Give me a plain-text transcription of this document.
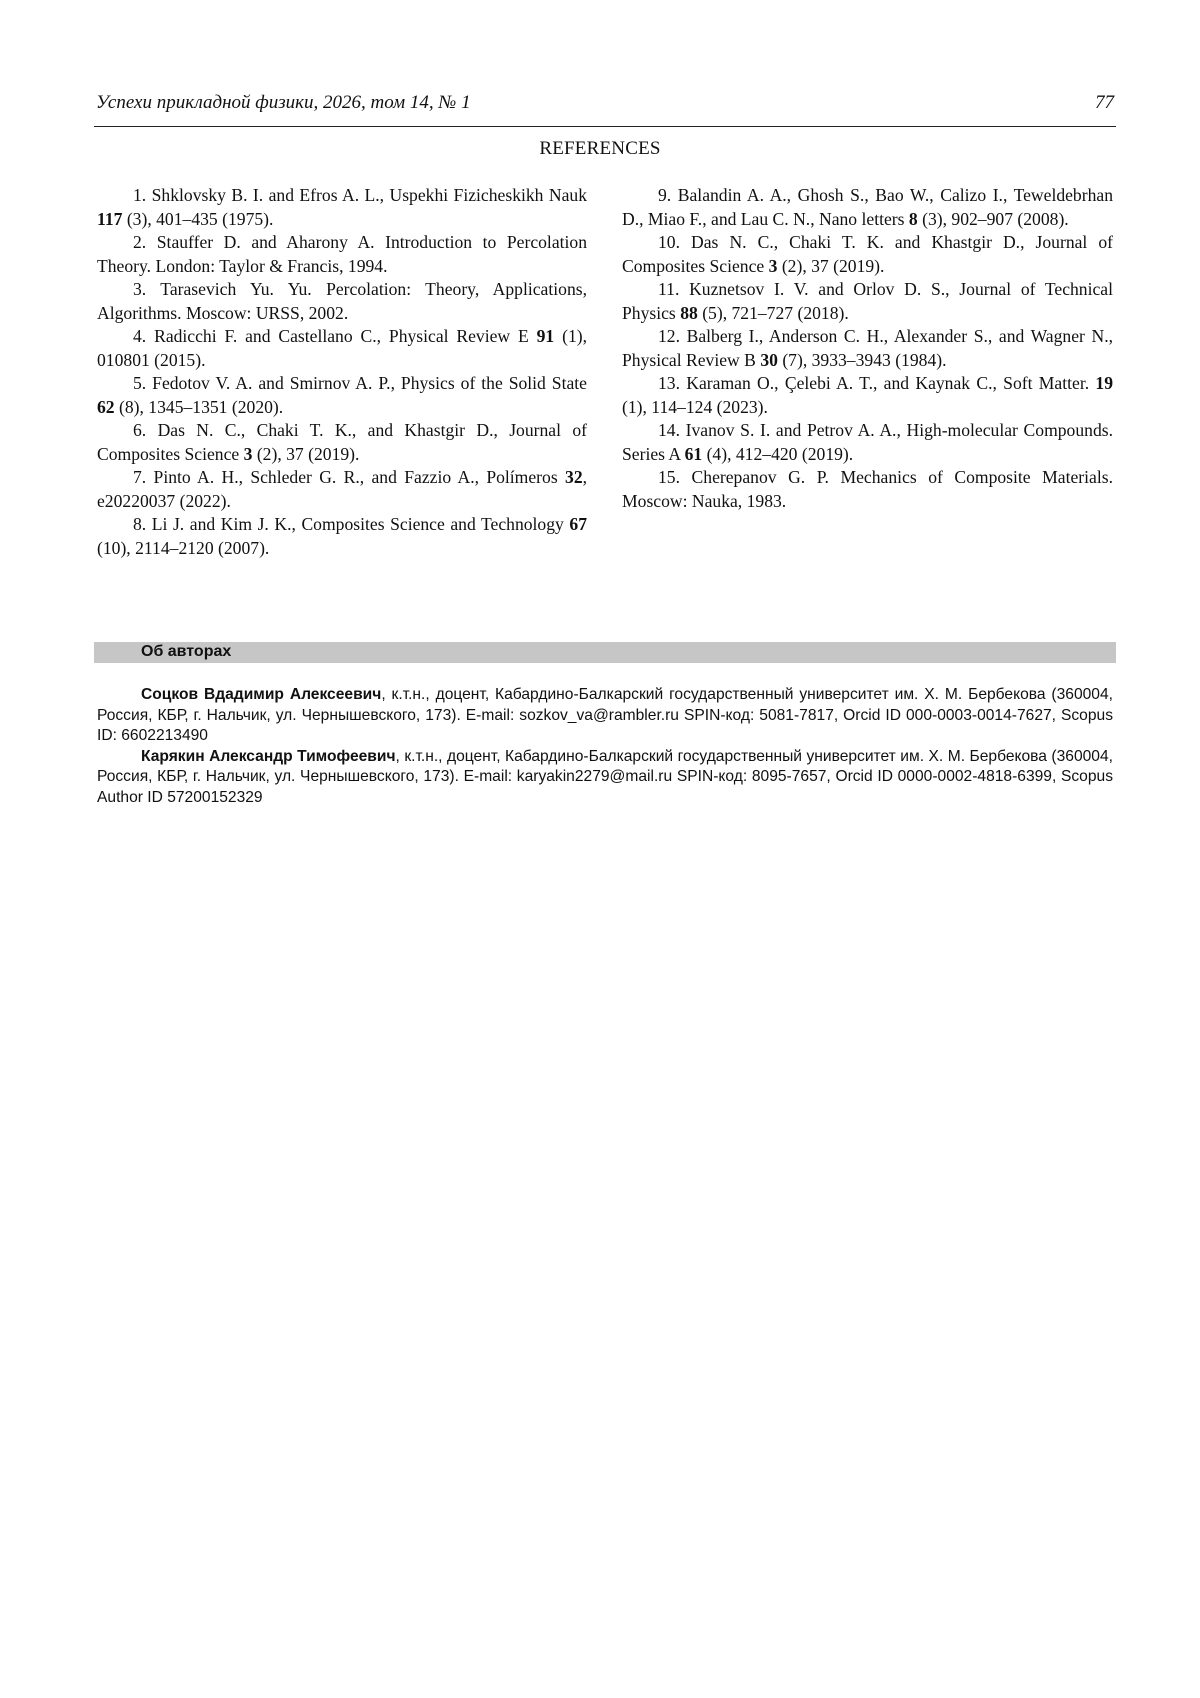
Успехи прикладной физики, 2026, том 14, № 1	77
REFERENCES

1. Shklovsky B. I. and Efros A. L., Uspekhi Fizicheskikh Nauk 117 (3), 401–435 (1975).

2. Stauffer D. and Aharony A. Introduction to Percolation Theory. London: Taylor & Francis, 1994.

3. Tarasevich Yu. Yu. Percolation: Theory, Applications, Algorithms. Moscow: URSS, 2002.

4. Radicchi F. and Castellano C., Physical Review E 91 (1), 010801 (2015).

5. Fedotov V. A. and Smirnov A. P., Physics of the Solid State 62 (8), 1345–1351 (2020).

6. Das N. C., Chaki T. K., and Khastgir D., Journal of Composites Science 3 (2), 37 (2019).

7. Pinto A. H., Schleder G. R., and Fazzio A., Polímeros 32, e20220037 (2022).

8. Li J. and Kim J. K., Composites Science and Technology 67 (10), 2114–2120 (2007).

9. Balandin A. A., Ghosh S., Bao W., Calizo I., Teweldebrhan D., Miao F., and Lau C. N., Nano letters 8 (3), 902–907 (2008).

10. Das N. C., Chaki T. K. and Khastgir D., Journal of Composites Science 3 (2), 37 (2019).

11. Kuznetsov I. V. and Orlov D. S., Journal of Technical Physics 88 (5), 721–727 (2018).

12. Balberg I., Anderson C. H., Alexander S., and Wagner N., Physical Review B 30 (7), 3933–3943 (1984).

13. Karaman O., Çelebi A. T., and Kaynak C., Soft Matter. 19 (1), 114–124 (2023).

14. Ivanov S. I. and Petrov A. A., High-molecular Compounds. Series A 61 (4), 412–420 (2019).

15. Cherepanov G. P. Mechanics of Composite Materials. Moscow: Nauka, 1983.

Об авторах

Соцков Вдадимир Алексеевич, к.т.н., доцент, Кабардино-Балкарский государственный университет им. Х. М. Бербекова (360004, Россия, КБР, г. Нальчик, ул. Чернышевского, 173). E-mail: sozkov_va@rambler.ru SPIN-код: 5081-7817, Orcid ID 000-0003-0014-7627, Scopus ID: 6602213490

Карякин Александр Тимофеевич, к.т.н., доцент, Кабардино-Балкарский государственный университет им. Х. М. Бербекова (360004, Россия, КБР, г. Нальчик, ул. Чернышевского, 173). E-mail: karyakin2279@mail.ru SPIN-код: 8095-7657, Orcid ID 0000-0002-4818-6399, Scopus Author ID 57200152329
